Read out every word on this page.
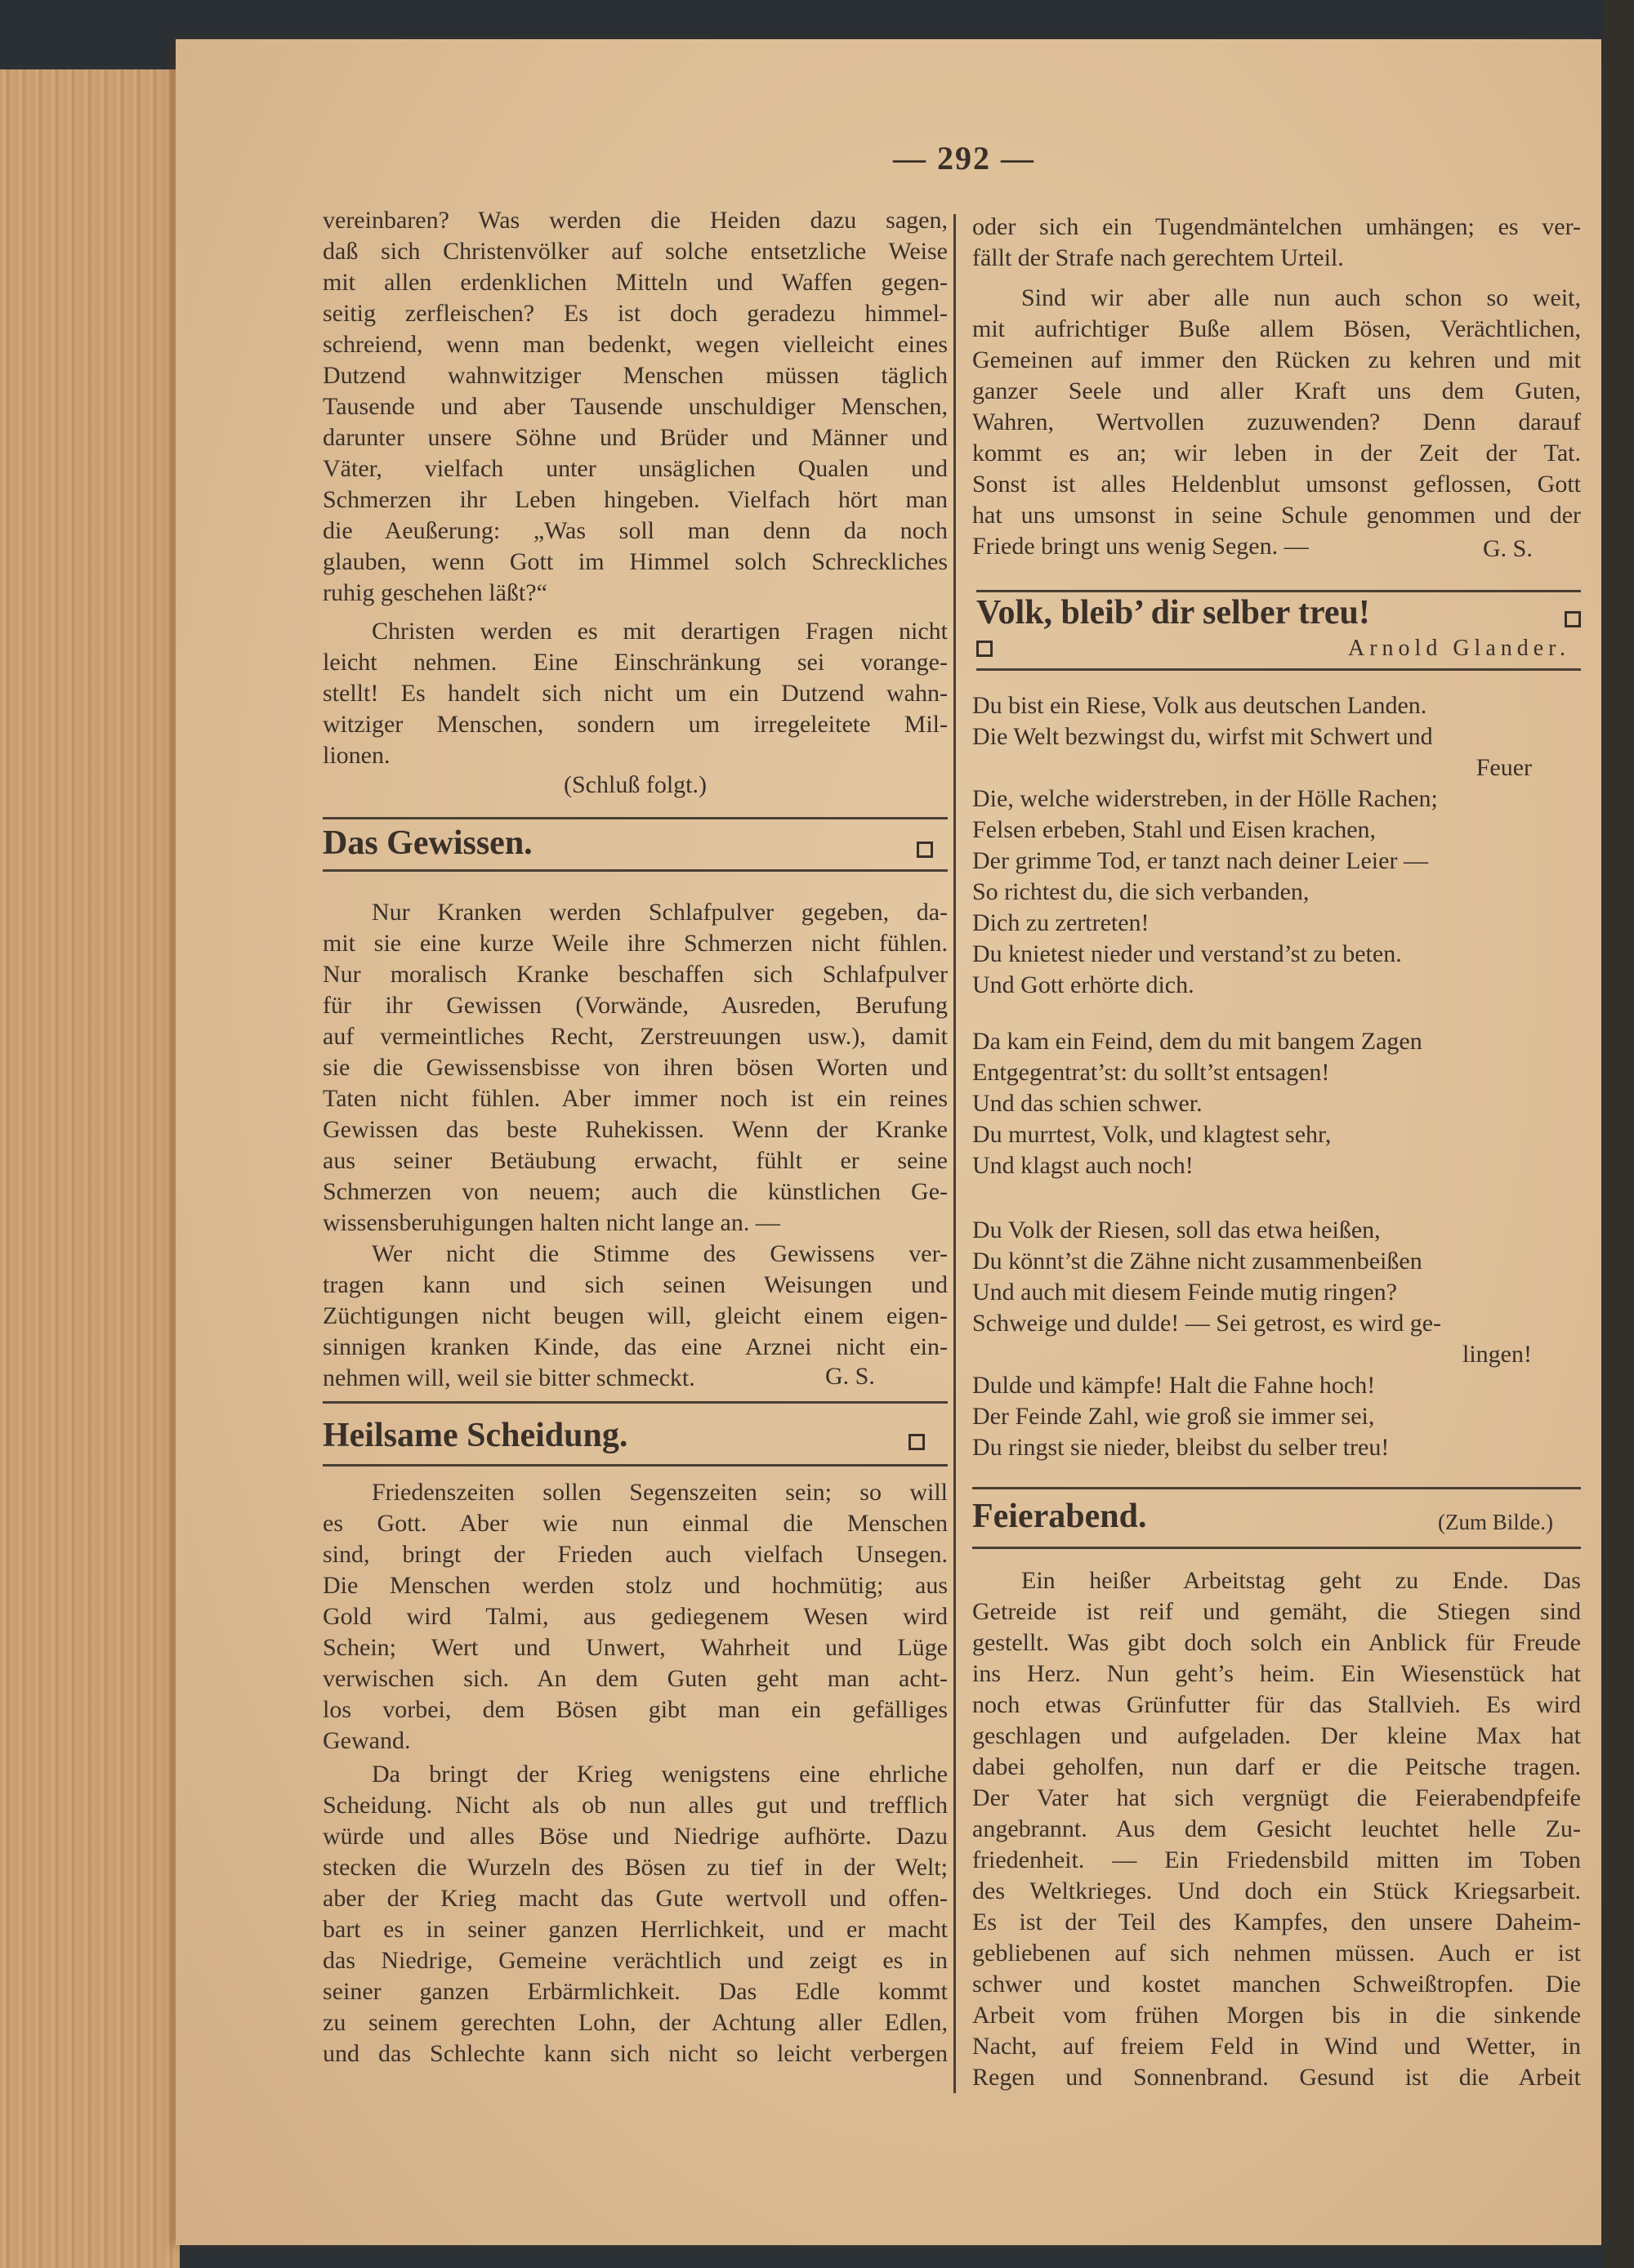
— 292 —
vereinbaren? Was werden die Heiden dazu sagen,
daß sich Christenvölker auf solche entsetzliche Weise
mit allen erdenklichen Mitteln und Waffen gegen-
seitig zerfleischen? Es ist doch geradezu himmel-
schreiend, wenn man bedenkt, wegen vielleicht eines
Dutzend wahnwitziger Menschen müssen täglich
Tausende und aber Tausende unschuldiger Menschen,
darunter unsere Söhne und Brüder und Männer und
Väter, vielfach unter unsäglichen Qualen und
Schmerzen ihr Leben hingeben. Vielfach hört man
die Aeußerung: „Was soll man denn da noch
glauben, wenn Gott im Himmel solch Schreckliches
ruhig geschehen läßt?“
Christen werden es mit derartigen Fragen nicht
leicht nehmen. Eine Einschränkung sei vorange-
stellt! Es handelt sich nicht um ein Dutzend wahn-
witziger Menschen, sondern um irregeleitete Mil-
lionen.
(Schluß folgt.)
Das Gewissen.
Nur Kranken werden Schlafpulver gegeben, da-
mit sie eine kurze Weile ihre Schmerzen nicht fühlen.
Nur moralisch Kranke beschaffen sich Schlafpulver
für ihr Gewissen (Vorwände, Ausreden, Berufung
auf vermeintliches Recht, Zerstreuungen usw.), damit
sie die Gewissensbisse von ihren bösen Worten und
Taten nicht fühlen. Aber immer noch ist ein reines
Gewissen das beste Ruhekissen. Wenn der Kranke
aus seiner Betäubung erwacht, fühlt er seine
Schmerzen von neuem; auch die künstlichen Ge-
wissensberuhigungen halten nicht lange an. —
Wer nicht die Stimme des Gewissens ver-
tragen kann und sich seinen Weisungen und
Züchtigungen nicht beugen will, gleicht einem eigen-
sinnigen kranken Kinde, das eine Arznei nicht ein-
nehmen will, weil sie bitter schmeckt.	G. S.
Heilsame Scheidung.
Friedenszeiten sollen Segenszeiten sein; so will
es Gott. Aber wie nun einmal die Menschen
sind, bringt der Frieden auch vielfach Unsegen.
Die Menschen werden stolz und hochmütig; aus
Gold wird Talmi, aus gediegenem Wesen wird
Schein; Wert und Unwert, Wahrheit und Lüge
verwischen sich. An dem Guten geht man acht-
los vorbei, dem Bösen gibt man ein gefälliges
Gewand.
Da bringt der Krieg wenigstens eine ehrliche
Scheidung. Nicht als ob nun alles gut und trefflich
würde und alles Böse und Niedrige aufhörte. Dazu
stecken die Wurzeln des Bösen zu tief in der Welt;
aber der Krieg macht das Gute wertvoll und offen-
bart es in seiner ganzen Herrlichkeit, und er macht
das Niedrige, Gemeine verächtlich und zeigt es in
seiner ganzen Erbärmlichkeit. Das Edle kommt
zu seinem gerechten Lohn, der Achtung aller Edlen,
und das Schlechte kann sich nicht so leicht verbergen
oder sich ein Tugendmäntelchen umhängen; es ver-
fällt der Strafe nach gerechtem Urteil.
Sind wir aber alle nun auch schon so weit,
mit aufrichtiger Buße allem Bösen, Verächtlichen,
Gemeinen auf immer den Rücken zu kehren und mit
ganzer Seele und aller Kraft uns dem Guten,
Wahren, Wertvollen zuzuwenden? Denn darauf
kommt es an; wir leben in der Zeit der Tat.
Sonst ist alles Heldenblut umsonst geflossen, Gott
hat uns umsonst in seine Schule genommen und der
Friede bringt uns wenig Segen. —	G. S.
Volk, bleib’ dir selber treu!
Arnold Glander.
Du bist ein Riese, Volk aus deutschen Landen.
Die Welt bezwingst du, wirfst mit Schwert und
Feuer
Die, welche widerstreben, in der Hölle Rachen;
Felsen erbeben, Stahl und Eisen krachen,
Der grimme Tod, er tanzt nach deiner Leier —
So richtest du, die sich verbanden,
Dich zu zertreten!
Du knietest nieder und verstand’st zu beten.
Und Gott erhörte dich.
Da kam ein Feind, dem du mit bangem Zagen
Entgegentrat’st: du sollt’st entsagen!
Und das schien schwer.
Du murrtest, Volk, und klagtest sehr,
Und klagst auch noch!
Du Volk der Riesen, soll das etwa heißen,
Du könnt’st die Zähne nicht zusammenbeißen
Und auch mit diesem Feinde mutig ringen?
Schweige und dulde! — Sei getrost, es wird ge-
lingen!
Dulde und kämpfe! Halt die Fahne hoch!
Der Feinde Zahl, wie groß sie immer sei,
Du ringst sie nieder, bleibst du selber treu!
Feierabend.	(Zum Bilde.)
Ein heißer Arbeitstag geht zu Ende. Das
Getreide ist reif und gemäht, die Stiegen sind
gestellt. Was gibt doch solch ein Anblick für Freude
ins Herz. Nun geht’s heim. Ein Wiesenstück hat
noch etwas Grünfutter für das Stallvieh. Es wird
geschlagen und aufgeladen. Der kleine Max hat
dabei geholfen, nun darf er die Peitsche tragen.
Der Vater hat sich vergnügt die Feierabendpfeife
angebrannt. Aus dem Gesicht leuchtet helle Zu-
friedenheit. — Ein Friedensbild mitten im Toben
des Weltkrieges. Und doch ein Stück Kriegsarbeit.
Es ist der Teil des Kampfes, den unsere Daheim-
gebliebenen auf sich nehmen müssen. Auch er ist
schwer und kostet manchen Schweißtropfen. Die
Arbeit vom frühen Morgen bis in die sinkende
Nacht, auf freiem Feld in Wind und Wetter, in
Regen und Sonnenbrand. Gesund ist die Arbeit
